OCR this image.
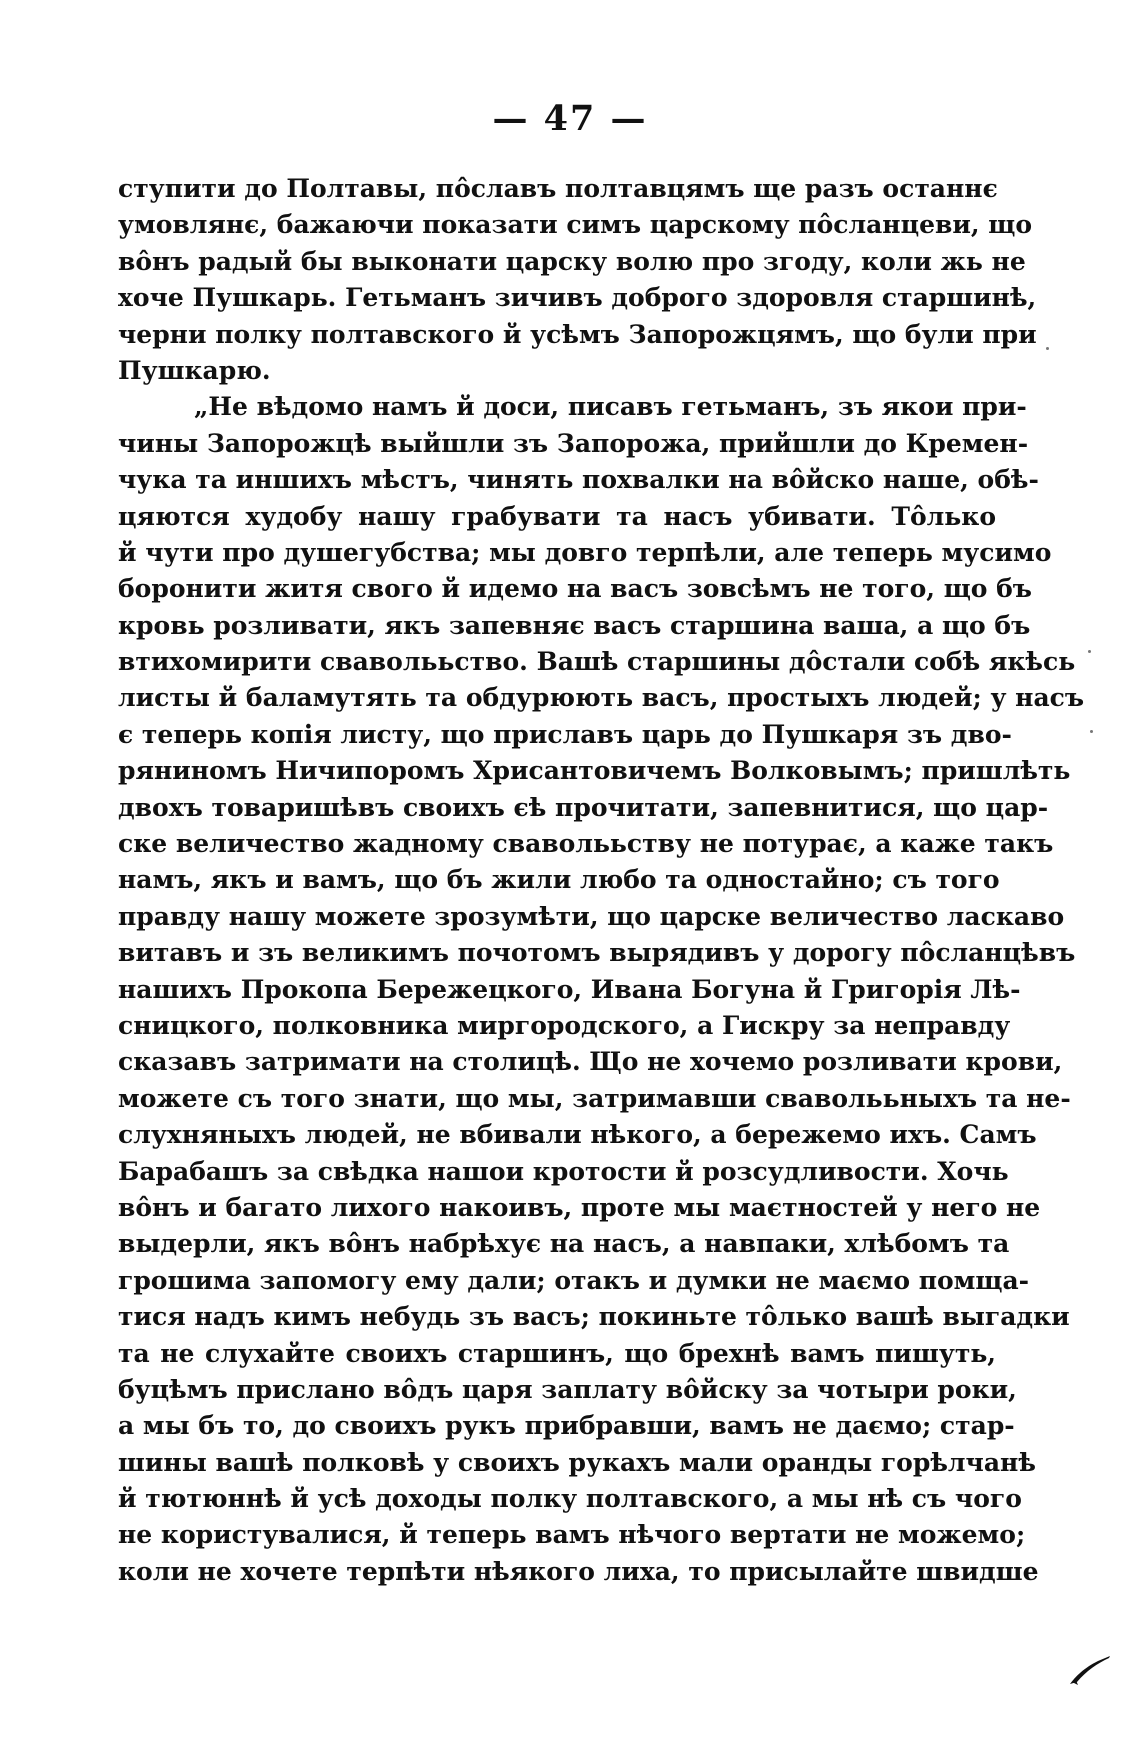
— 47 —
ступити до Полтавы, пôславъ полтавцямъ ще разъ останнє
умовлянє, бажаючи показати симъ царскому пôсланцеви, що
вôнъ радый бы выконати царску волю про згоду, коли жь не
хоче Пушкарь. Гетьманъ зичивъ доброго здоровля старшинѣ,
черни полку полтавского й усѣмъ Запорожцямъ, що були при
Пушкарю.
„Не вѣдомо намъ й доси, писавъ гетьманъ, зъ якои при-
чины Запорожцѣ выйшли зъ Запорожа, прийшли до Кремен-
чука та иншихъ мѣстъ, чинять похвалки на вôйско наше, обѣ-
цяются худобу нашу грабувати та насъ убивати. Тôлько
й чути про душегубства; мы довго терпѣли, але теперь мусимо
боронити житя свого й идемо на васъ зовсѣмъ не того, що бъ
кровь розливати, якъ запевняє васъ старшина ваша, а що бъ
втихомирити сваволььство. Вашѣ старшины дôстали собѣ якѣсь
листы й баламутять та обдурюють васъ, простыхъ людей; у насъ
є теперь копія листу, що приславъ царь до Пушкаря зъ дво-
ряниномъ Ничипоромъ Хрисантовичемъ Волковымъ; пришлѣть
двохъ товаришѣвъ своихъ єѣ прочитати, запевнитися, що цар-
ске величество жадному сваволььству не потураϵ, а каже такъ
намъ, якъ и вамъ, що бъ жили любо та одностайно; съ того
правду нашу можете зрозумѣти, що царске величество ласкаво
витавъ и зъ великимъ почотомъ вырядивъ у дорогу пôсланцѣвъ
нашихъ Прокопа Бережецкого, Ивана Богуна й Григорія Лѣ-
сницкого, полковника миргородского, а Гискру за неправду
сказавъ затримати на столицѣ. Що не хочемо розливати крови,
можете съ того знати, що мы, затримавши сваволььныхъ та не-
слухняныхъ людей, не вбивали нѣкого, а бережемо ихъ. Самъ
Барабашъ за свѣдка нашои кротости й розсудливости. Хочь
вôнъ и багато лихого накоивъ, проте мы маєтностей у него не
выдерли, якъ вôнъ набрѣхуϵ на насъ, а навпаки, хлѣбомъ та
грошима запомогу ему дали; отакъ и думки не маємо помща-
тися надъ кимъ небудь зъ васъ; покиньте тôлько вашѣ выгадки
та не слухайте своихъ старшинъ, що брехнѣ вамъ пишуть,
буцѣмъ прислано вôдъ царя заплату вôйску за чотыри роки,
а мы бъ то, до своихъ рукъ прибравши, вамъ не даємо; стар-
шины вашѣ полковѣ у своихъ рукахъ мали оранды горѣлчанѣ
й тютюннѣ й усѣ доходы полку полтавского, а мы нѣ съ чого
не користувалися, й теперь вамъ нѣчого вертати не можемо;
коли не хочете терпѣти нѣякого лиха, то присылайте швидше
